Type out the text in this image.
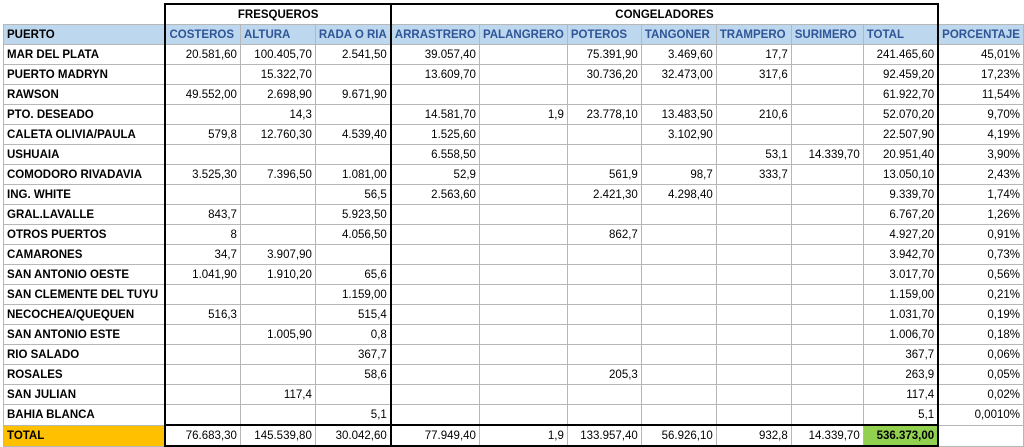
	FRESQUEROS			CONGELADORES							
PUERTO	COSTEROS	ALTURA	RADA O RIA	ARRASTRERO	PALANGRERO	POTEROS	TANGONER	TRAMPERO	SURIMERO	TOTAL	PORCENTAJE
MAR DEL PLATA	20.581,60	100.405,70	2.541,50	39.057,40		75.391,90	3.469,60	17,7		241.465,60	45,01%
PUERTO MADRYN		15.322,70		13.609,70		30.736,20	32.473,00	317,6		92.459,20	17,23%
RAWSON	49.552,00	2.698,90	9.671,90							61.922,70	11,54%
PTO. DESEADO		14,3		14.581,70	1,9	23.778,10	13.483,50	210,6		52.070,20	9,70%
CALETA OLIVIA/PAULA	579,8	12.760,30	4.539,40	1.525,60			3.102,90			22.507,90	4,19%
USHUAIA				6.558,50				53,1	14.339,70	20.951,40	3,90%
COMODORO RIVADAVIA	3.525,30	7.396,50	1.081,00	52,9		561,9	98,7	333,7		13.050,10	2,43%
ING. WHITE			56,5	2.563,60		2.421,30	4.298,40			9.339,70	1,74%
GRAL.LAVALLE	843,7		5.923,50							6.767,20	1,26%
OTROS PUERTOS	8		4.056,50			862,7				4.927,20	0,91%
CAMARONES	34,7	3.907,90								3.942,70	0,73%
SAN ANTONIO OESTE	1.041,90	1.910,20	65,6							3.017,70	0,56%
SAN CLEMENTE DEL TUYU			1.159,00							1.159,00	0,21%
NECOCHEA/QUEQUEN	516,3		515,4							1.031,70	0,19%
SAN ANTONIO ESTE		1.005,90	0,8							1.006,70	0,18%
RIO SALADO			367,7							367,7	0,06%
ROSALES			58,6			205,3				263,9	0,05%
SAN JULIAN		117,4								117,4	0,02%
BAHIA BLANCA			5,1							5,1	0,0010%
TOTAL	76.683,30	145.539,80	30.042,60	77.949,40	1,9	133.957,40	56.926,10	932,8	14.339,70	536.373,00	
